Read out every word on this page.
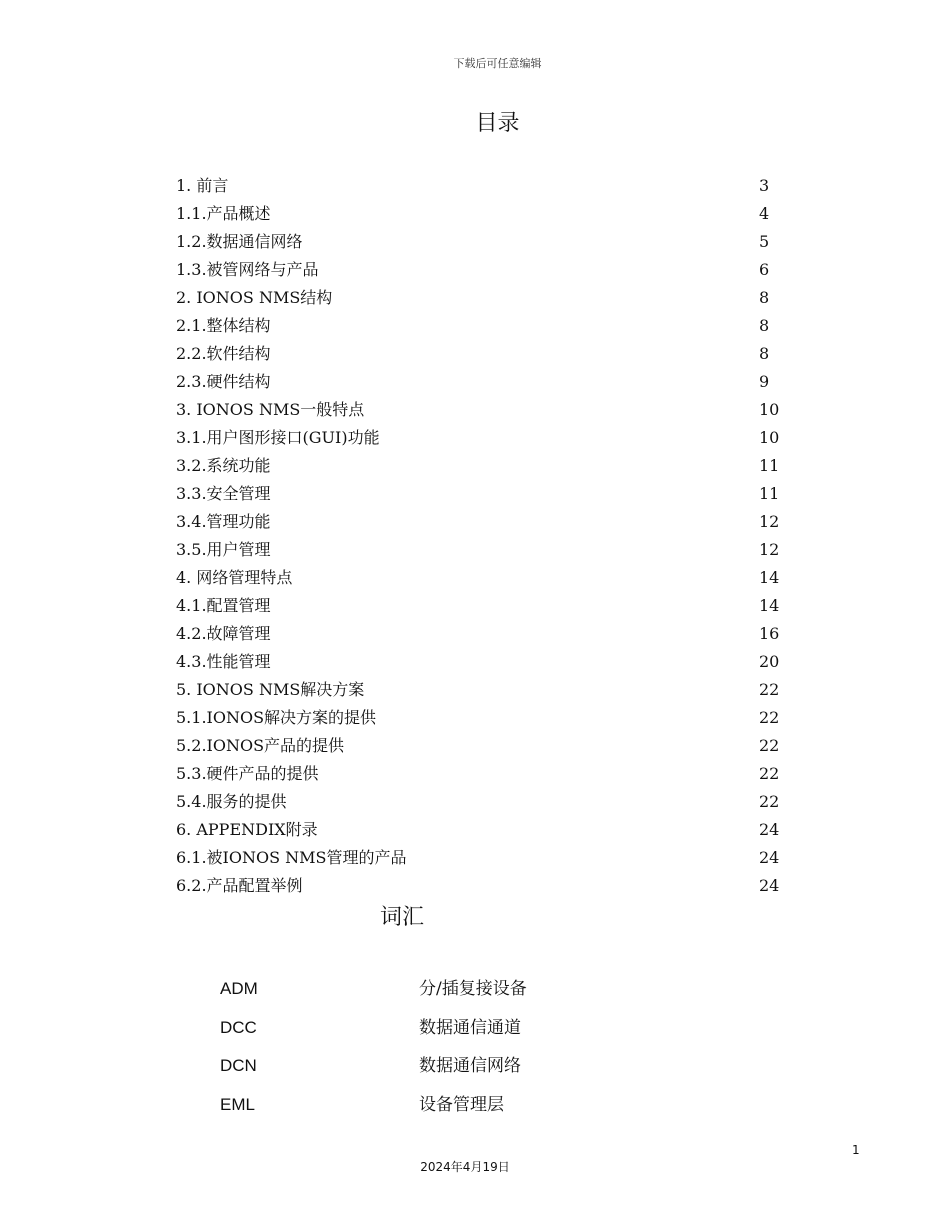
下载后可任意编辑
目录
1. 前言	3
1.1.产品概述	4
1.2.数据通信网络	5
1.3.被管网络与产品	6
2. IONOS NMS结构	8
2.1.整体结构	8
2.2.软件结构	8
2.3.硬件结构	9
3. IONOS NMS一般特点	10
3.1.用户图形接口(GUI)功能	10
3.2.系统功能	11
3.3.安全管理	11
3.4.管理功能	12
3.5.用户管理	12
4. 网络管理特点	14
4.1.配置管理	14
4.2.故障管理	16
4.3.性能管理	20
5. IONOS NMS解决方案	22
5.1.IONOS解决方案的提供	22
5.2.IONOS产品的提供	22
5.3.硬件产品的提供	22
5.4.服务的提供	22
6. APPENDIX附录	24
6.1.被IONOS NMS管理的产品	24
6.2.产品配置举例	24
词汇
ADM	分/插复接设备
DCC	数据通信通道
DCN	数据通信网络
EML	设备管理层
1
2024年4月19日
